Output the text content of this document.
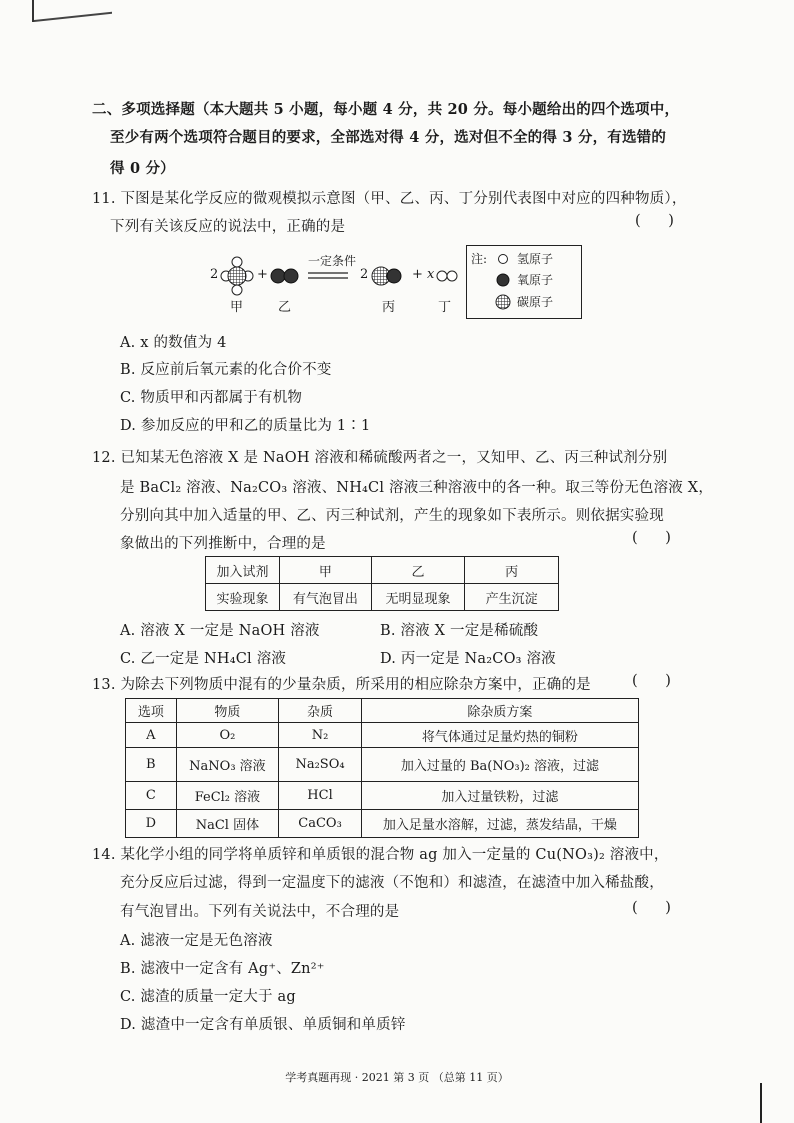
二、多项选择题（本大题共 5 小题，每小题 4 分，共 20 分。每小题给出的四个选项中，
至少有两个选项符合题目的要求，全部选对得 4 分，选对但不全的得 3 分，有选错的
得 0 分）
11. 下图是某化学反应的微观模拟示意图（甲、乙、丙、丁分别代表图中对应的四种物质），
下列有关该反应的说法中，正确的是	(      )
2	+
一定条件
2	+ x
甲	乙	丙	丁
注: 氢原子
氧原子
碳原子
A. x 的数值为 4
B. 反应前后氧元素的化合价不变
C. 物质甲和丙都属于有机物
D. 参加反应的甲和乙的质量比为 1∶1
12. 已知某无色溶液 X 是 NaOH 溶液和稀硫酸两者之一，又知甲、乙、丙三种试剂分别
是 BaCl₂ 溶液、Na₂CO₃ 溶液、NH₄Cl 溶液三种溶液中的各一种。取三等份无色溶液 X，
分别向其中加入适量的甲、乙、丙三种试剂，产生的现象如下表所示。则依据实验现
象做出的下列推断中，合理的是	(      )
加入试剂	甲	乙	丙
实验现象	有气泡冒出	无明显现象	产生沉淀
A. 溶液 X 一定是 NaOH 溶液	B. 溶液 X 一定是稀硫酸
C. 乙一定是 NH₄Cl 溶液	D. 丙一定是 Na₂CO₃ 溶液
13. 为除去下列物质中混有的少量杂质，所采用的相应除杂方案中，正确的是	(      )
选项	物质	杂质	除杂质方案
A	O₂	N₂	将气体通过足量灼热的铜粉
B	NaNO₃ 溶液	Na₂SO₄	加入过量的 Ba(NO₃)₂ 溶液，过滤
C	FeCl₂ 溶液	HCl	加入过量铁粉，过滤
D	NaCl 固体	CaCO₃	加入足量水溶解，过滤，蒸发结晶，干燥
14. 某化学小组的同学将单质锌和单质银的混合物 ag 加入一定量的 Cu(NO₃)₂ 溶液中，
充分反应后过滤，得到一定温度下的滤液（不饱和）和滤渣，在滤渣中加入稀盐酸，
有气泡冒出。下列有关说法中，不合理的是	(      )
A. 滤液一定是无色溶液
B. 滤液中一定含有 Ag⁺、Zn²⁺
C. 滤渣的质量一定大于 ag
D. 滤渣中一定含有单质银、单质铜和单质锌
学考真题再现 · 2021 第 3 页 （总第 11 页）
